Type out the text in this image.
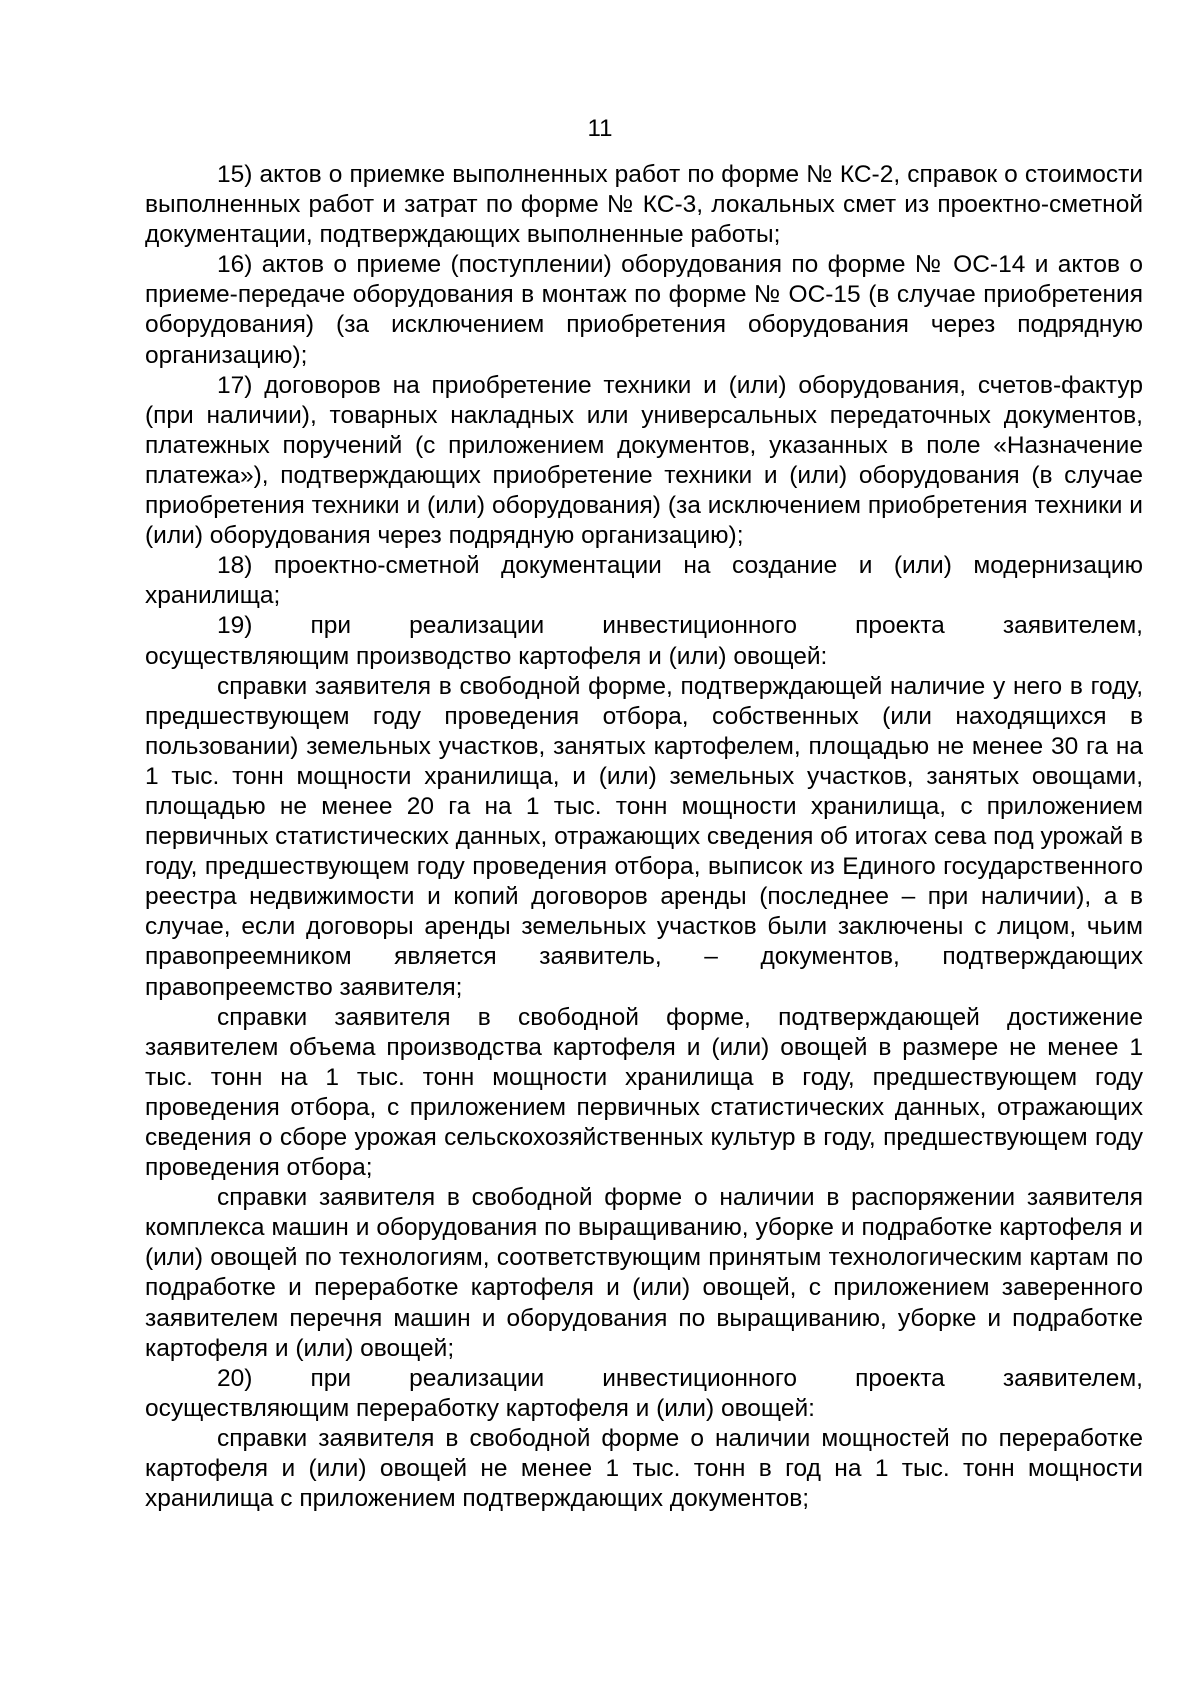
11

15) актов о приемке выполненных работ по форме № КС-2, справок о стоимости выполненных работ и затрат по форме № КС-3, локальных смет из проектно-сметной документации, подтверждающих выполненные работы;

16) актов о приеме (поступлении) оборудования по форме № ОС-14 и актов о приеме-передаче оборудования в монтаж по форме № ОС-15 (в случае приобретения оборудования) (за исключением приобретения оборудования через подрядную организацию);

17) договоров на приобретение техники и (или) оборудования, счетов-фактур (при наличии), товарных накладных или универсальных передаточных документов, платежных поручений (с приложением документов, указанных в поле «Назначение платежа»), подтверждающих приобретение техники и (или) оборудования (в случае приобретения техники и (или) оборудования) (за исключением приобретения техники и (или) оборудования через подрядную организацию);

18) проектно-сметной документации на создание и (или) модернизацию хранилища;

19) при реализации инвестиционного проекта заявителем,

осуществляющим производство картофеля и (или) овощей:

справки заявителя в свободной форме, подтверждающей наличие у него в году, предшествующем году проведения отбора, собственных (или находящихся в пользовании) земельных участков, занятых картофелем, площадью не менее 30 га на 1 тыс. тонн мощности хранилища, и (или) земельных участков, занятых овощами, площадью не менее 20 га на 1 тыс. тонн мощности хранилища, с приложением первичных статистических данных, отражающих сведения об итогах сева под урожай в году, предшествующем году проведения отбора, выписок из Единого государственного реестра недвижимости и копий договоров аренды (последнее – при наличии), а в случае, если договоры аренды земельных участков были заключены с лицом, чьим правопреемником является заявитель, – документов, подтверждающих правопреемство заявителя;

справки заявителя в свободной форме, подтверждающей достижение заявителем объема производства картофеля и (или) овощей в размере не менее 1 тыс. тонн на 1 тыс. тонн мощности хранилища в году, предшествующем году проведения отбора, с приложением первичных статистических данных, отражающих сведения о сборе урожая сельскохозяйственных культур в году, предшествующем году проведения отбора;

справки заявителя в свободной форме о наличии в распоряжении заявителя комплекса машин и оборудования по выращиванию, уборке и подработке картофеля и (или) овощей по технологиям, соответствующим принятым технологическим картам по подработке и переработке картофеля и (или) овощей, с приложением заверенного заявителем перечня машин и оборудования по выращиванию, уборке и подработке картофеля и (или) овощей;

20) при реализации инвестиционного проекта заявителем,

осуществляющим переработку картофеля и (или) овощей:

справки заявителя в свободной форме о наличии мощностей по переработке картофеля и (или) овощей не менее 1 тыс. тонн в год на 1 тыс. тонн мощности хранилища с приложением подтверждающих документов;
